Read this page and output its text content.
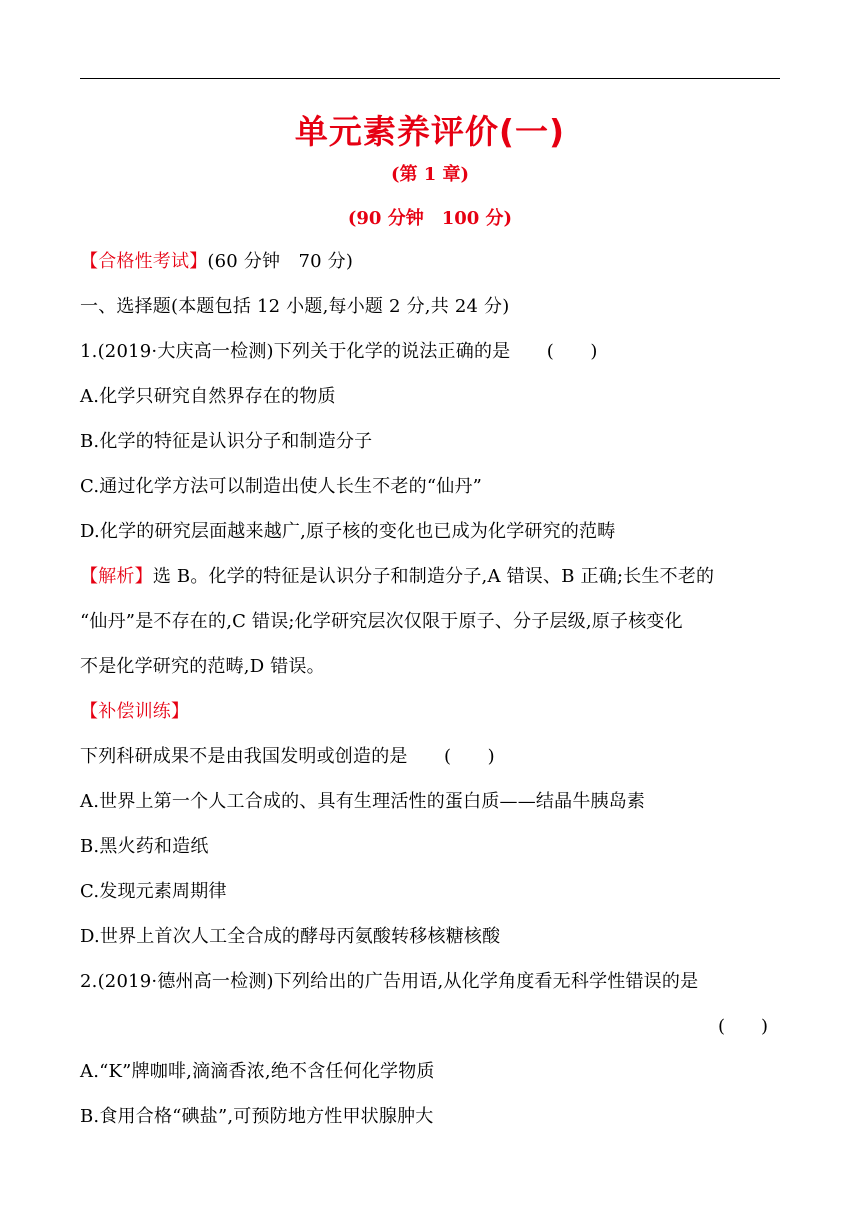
单元素养评价(一)
(第 1 章)
(90 分钟　100 分)
【合格性考试】(60 分钟　70 分)
一、选择题(本题包括 12 小题,每小题 2 分,共 24 分)
1.(2019·大庆高一检测)下列关于化学的说法正确的是　　(　　)
A.化学只研究自然界存在的物质
B.化学的特征是认识分子和制造分子
C.通过化学方法可以制造出使人长生不老的“仙丹”
D.化学的研究层面越来越广,原子核的变化也已成为化学研究的范畴
【解析】选 B。化学的特征是认识分子和制造分子,A 错误、B 正确;长生不老的
“仙丹”是不存在的,C 错误;化学研究层次仅限于原子、分子层级,原子核变化
不是化学研究的范畴,D 错误。
【补偿训练】
下列科研成果不是由我国发明或创造的是　　(　　)
A.世界上第一个人工合成的、具有生理活性的蛋白质——结晶牛胰岛素
B.黑火药和造纸
C.发现元素周期律
D.世界上首次人工全合成的酵母丙氨酸转移核糖核酸
2.(2019·德州高一检测)下列给出的广告用语,从化学角度看无科学性错误的是
(　　)
A.“K”牌咖啡,滴滴香浓,绝不含任何化学物质
B.食用合格“碘盐”,可预防地方性甲状腺肿大
